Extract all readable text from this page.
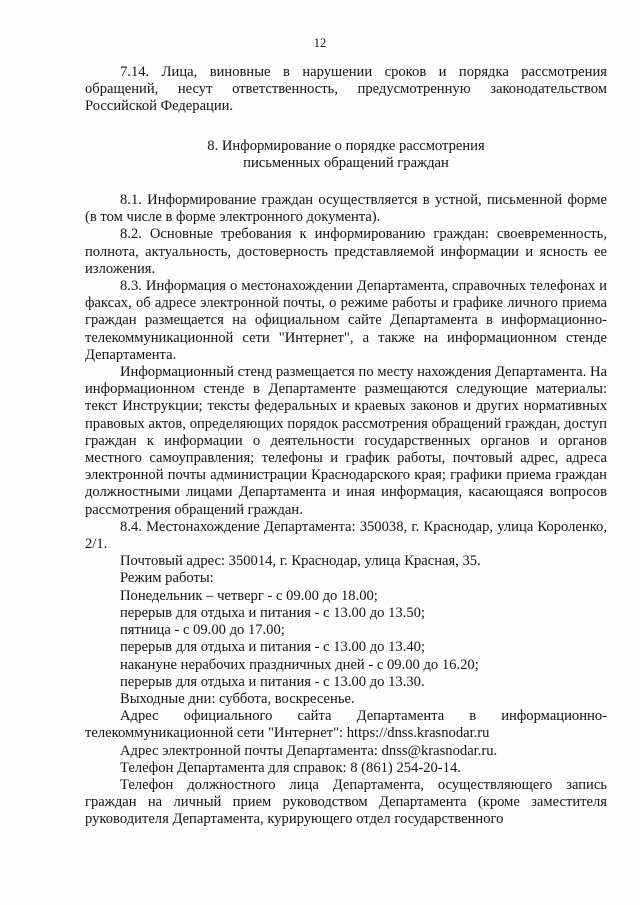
12

7.14. Лица, виновные в нарушении сроков и порядка рассмотрения обращений, несут ответственность, предусмотренную законодательством Российской Федерации.

8. Информирование о порядке рассмотрения
письменных обращений граждан

8.1. Информирование граждан осуществляется в устной, письменной форме (в том числе в форме электронного документа).

8.2. Основные требования к информированию граждан: своевременность, полнота, актуальность, достоверность представляемой информации и ясность ее изложения.

8.3. Информация о местонахождении Департамента, справочных телефонах и факсах, об адресе электронной почты, о режиме работы и графике личного приема граждан размещается на официальном сайте Департамента в информационно-телекоммуникационной сети "Интернет", а также на информационном стенде Департамента.

Информационный стенд размещается по месту нахождения Департамента. На информационном стенде в Департаменте размещаются следующие материалы: текст Инструкции; тексты федеральных и краевых законов и других нормативных правовых актов, определяющих порядок рассмотрения обращений граждан, доступ граждан к информации о деятельности государственных органов и органов местного самоуправления; телефоны и график работы, почтовый адрес, адреса электронной почты администрации Краснодарского края; графики приема граждан должностными лицами Департамента и иная информация, касающаяся вопросов рассмотрения обращений граждан.

8.4. Местонахождение Департамента: 350038, г. Краснодар, улица Короленко, 2/1.

Почтовый адрес: 350014, г. Краснодар, улица Красная, 35.

Режим работы:

Понедельник – четверг - с 09.00 до 18.00;

перерыв для отдыха и питания - с 13.00 до 13.50;

пятница - с 09.00 до 17.00;

перерыв для отдыха и питания - с 13.00 до 13.40;

накануне нерабочих праздничных дней - с 09.00 до 16.20;

перерыв для отдыха и питания - с 13.00 до 13.30.

Выходные дни: суббота, воскресенье.

Адрес официального сайта Департамента в информационно-телекоммуникационной сети "Интернет": https://dnss.krasnodar.ru

Адрес электронной почты Департамента: dnss@krasnodar.ru.

Телефон Департамента для справок: 8 (861) 254-20-14.

Телефон должностного лица Департамента, осуществляющего запись граждан на личный прием руководством Департамента (кроме заместителя руководителя Департамента, курирующего отдел государственного
